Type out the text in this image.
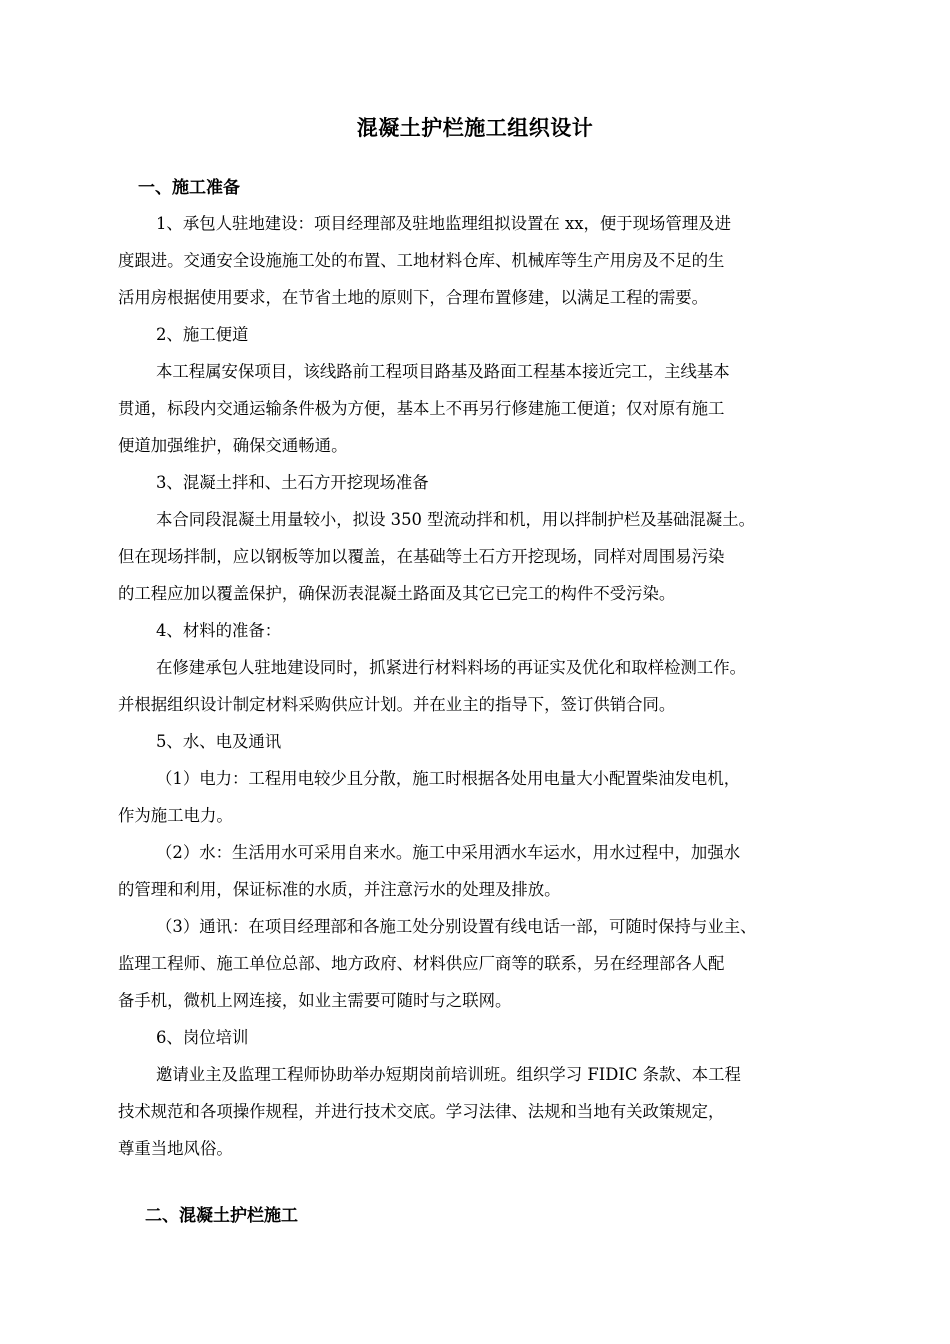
混凝土护栏施工组织设计
一、施工准备
1、承包人驻地建设：项目经理部及驻地监理组拟设置在 xx，便于现场管理及进
度跟进。交通安全设施施工处的布置、工地材料仓库、机械库等生产用房及不足的生
活用房根据使用要求，在节省土地的原则下，合理布置修建，以满足工程的需要。
2、施工便道
本工程属安保项目，该线路前工程项目路基及路面工程基本接近完工，主线基本
贯通，标段内交通运输条件极为方便，基本上不再另行修建施工便道；仅对原有施工
便道加强维护，确保交通畅通。
3、混凝土拌和、土石方开挖现场准备
本合同段混凝土用量较小，拟设 350 型流动拌和机，用以拌制护栏及基础混凝土。
但在现场拌制，应以钢板等加以覆盖，在基础等土石方开挖现场，同样对周围易污染
的工程应加以覆盖保护，确保沥表混凝土路面及其它已完工的构件不受污染。
4、材料的准备：
在修建承包人驻地建设同时，抓紧进行材料料场的再证实及优化和取样检测工作。
并根据组织设计制定材料采购供应计划。并在业主的指导下，签订供销合同。
5、水、电及通讯
（1）电力：工程用电较少且分散，施工时根据各处用电量大小配置柴油发电机，
作为施工电力。
（2）水：生活用水可采用自来水。施工中采用洒水车运水，用水过程中，加强水
的管理和利用，保证标准的水质，并注意污水的处理及排放。
（3）通讯：在项目经理部和各施工处分别设置有线电话一部，可随时保持与业主、
监理工程师、施工单位总部、地方政府、材料供应厂商等的联系，另在经理部各人配
备手机，微机上网连接，如业主需要可随时与之联网。
6、岗位培训
邀请业主及监理工程师协助举办短期岗前培训班。组织学习 FIDIC 条款、本工程
技术规范和各项操作规程，并进行技术交底。学习法律、法规和当地有关政策规定，
尊重当地风俗。
二、混凝土护栏施工
